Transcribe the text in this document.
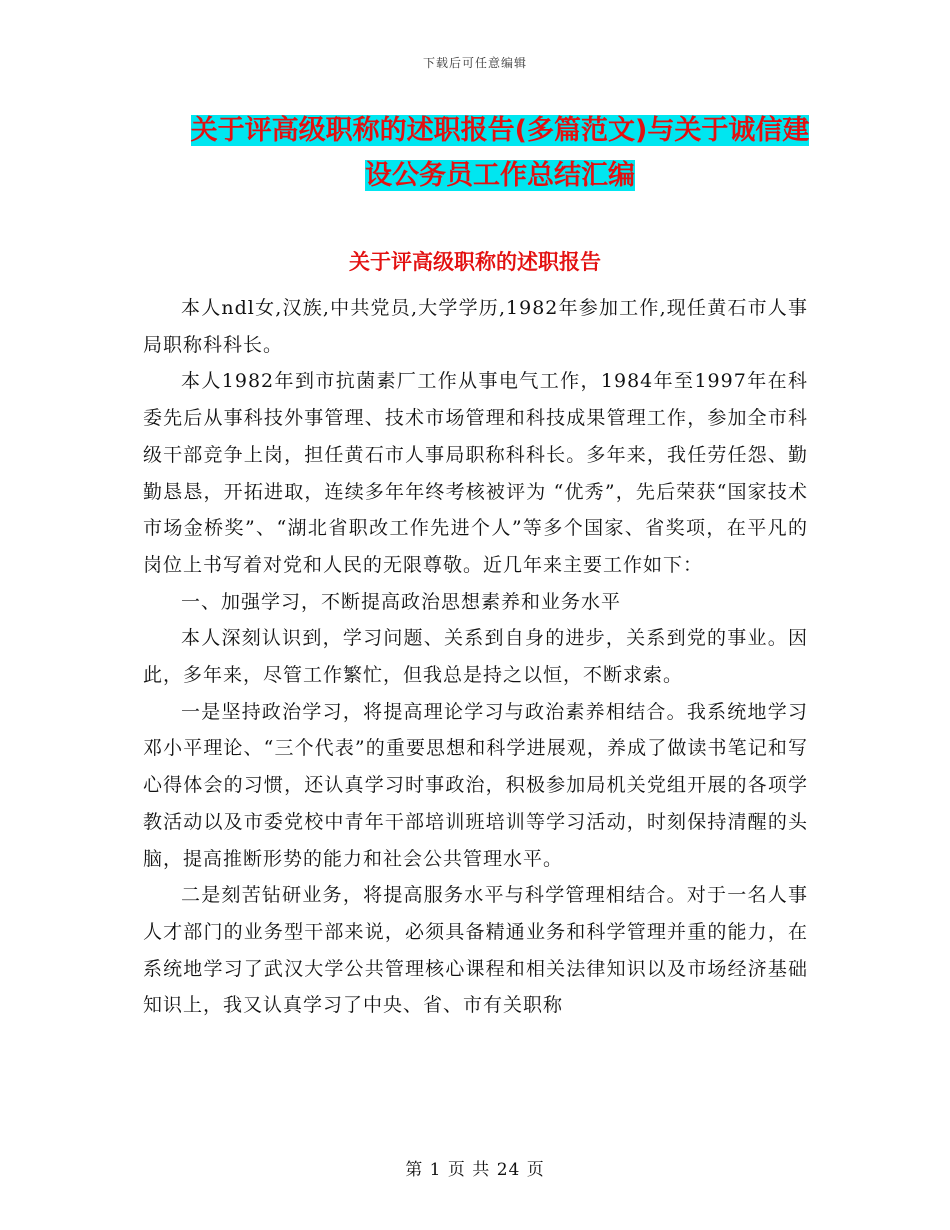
下载后可任意编辑
关于评高级职称的述职报告(多篇范文)与关于诚信建
设公务员工作总结汇编
关于评高级职称的述职报告

本人ndl女,汉族,中共党员,大学学历,1982年参加工作,现任黄石市人事局职称科科长。

本人1982年到市抗菌素厂工作从事电气工作，1984年至1997年在科委先后从事科技外事管理、技术市场管理和科技成果管理工作，参加全市科级干部竞争上岗，担任黄石市人事局职称科科长。多年来，我任劳任怨、勤勤恳恳，开拓进取，连续多年年终考核被评为 “优秀”，先后荣获“国家技术市场金桥奖”、“湖北省职改工作先进个人”等多个国家、省奖项，在平凡的岗位上书写着对党和人民的无限尊敬。近几年来主要工作如下：

一、加强学习，不断提高政治思想素养和业务水平

本人深刻认识到，学习问题、关系到自身的进步，关系到党的事业。因此，多年来，尽管工作繁忙，但我总是持之以恒，不断求索。

一是坚持政治学习，将提高理论学习与政治素养相结合。我系统地学习邓小平理论、“三个代表”的重要思想和科学进展观，养成了做读书笔记和写心得体会的习惯，还认真学习时事政治，积极参加局机关党组开展的各项学教活动以及市委党校中青年干部培训班培训等学习活动，时刻保持清醒的头脑，提高推断形势的能力和社会公共管理水平。

二是刻苦钻研业务，将提高服务水平与科学管理相结合。对于一名人事人才部门的业务型干部来说，必须具备精通业务和科学管理并重的能力，在系统地学习了武汉大学公共管理核心课程和相关法律知识以及市场经济基础知识上，我又认真学习了中央、省、市有关职称

第 1 页 共 24 页
